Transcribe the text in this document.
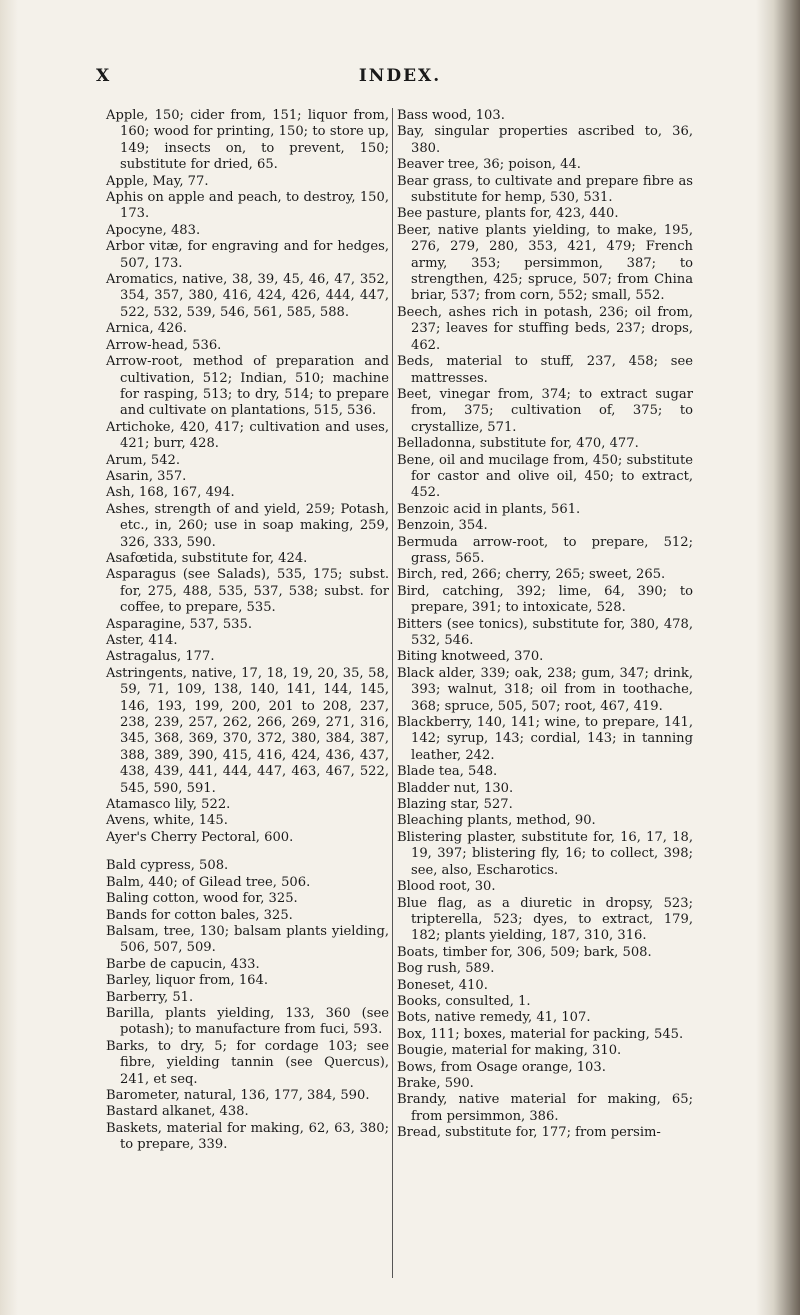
X	INDEX.
Apple, 150; cider from, 151; liquor from, 160; wood for printing, 150; to store up, 149; insects on, to prevent, 150; substitute for dried, 65.
Apple, May, 77.
Aphis on apple and peach, to destroy, 150, 173.
Apocyne, 483.
Arbor vitæ, for engraving and for hedges, 507, 173.
Aromatics, native, 38, 39, 45, 46, 47, 352, 354, 357, 380, 416, 424, 426, 444, 447, 522, 532, 539, 546, 561, 585, 588.
Arnica, 426.
Arrow-head, 536.
Arrow-root, method of preparation and cultivation, 512; Indian, 510; machine for rasping, 513; to dry, 514; to prepare and cultivate on plantations, 515, 536.
Artichoke, 420, 417; cultivation and uses, 421; burr, 428.
Arum, 542.
Asarin, 357.
Ash, 168, 167, 494.
Ashes, strength of and yield, 259; Potash, etc., in, 260; use in soap making, 259, 326, 333, 590.
Asafœtida, substitute for, 424.
Asparagus (see Salads), 535, 175; subst. for, 275, 488, 535, 537, 538; subst. for coffee, to prepare, 535.
Asparagine, 537, 535.
Aster, 414.
Astragalus, 177.
Astringents, native, 17, 18, 19, 20, 35, 58, 59, 71, 109, 138, 140, 141, 144, 145, 146, 193, 199, 200, 201 to 208, 237, 238, 239, 257, 262, 266, 269, 271, 316, 345, 368, 369, 370, 372, 380, 384, 387, 388, 389, 390, 415, 416, 424, 436, 437, 438, 439, 441, 444, 447, 463, 467, 522, 545, 590, 591.
Atamasco lily, 522.
Avens, white, 145.
Ayer's Cherry Pectoral, 600.
Bald cypress, 508.
Balm, 440; of Gilead tree, 506.
Baling cotton, wood for, 325.
Bands for cotton bales, 325.
Balsam, tree, 130; balsam plants yielding, 506, 507, 509.
Barbe de capucin, 433.
Barley, liquor from, 164.
Barberry, 51.
Barilla, plants yielding, 133, 360 (see potash); to manufacture from fuci, 593.
Barks, to dry, 5; for cordage 103; see fibre, yielding tannin (see Quercus), 241, et seq.
Barometer, natural, 136, 177, 384, 590.
Bastard alkanet, 438.
Baskets, material for making, 62, 63, 380; to prepare, 339.
Bass wood, 103.
Bay, singular properties ascribed to, 36, 380.
Beaver tree, 36; poison, 44.
Bear grass, to cultivate and prepare fibre as substitute for hemp, 530, 531.
Bee pasture, plants for, 423, 440.
Beer, native plants yielding, to make, 195, 276, 279, 280, 353, 421, 479; French army, 353; persimmon, 387; to strengthen, 425; spruce, 507; from China briar, 537; from corn, 552; small, 552.
Beech, ashes rich in potash, 236; oil from, 237; leaves for stuffing beds, 237; drops, 462.
Beds, material to stuff, 237, 458; see mattresses.
Beet, vinegar from, 374; to extract sugar from, 375; cultivation of, 375; to crystallize, 571.
Belladonna, substitute for, 470, 477.
Bene, oil and mucilage from, 450; substitute for castor and olive oil, 450; to extract, 452.
Benzoic acid in plants, 561.
Benzoin, 354.
Bermuda arrow-root, to prepare, 512; grass, 565.
Birch, red, 266; cherry, 265; sweet, 265.
Bird, catching, 392; lime, 64, 390; to prepare, 391; to intoxicate, 528.
Bitters (see tonics), substitute for, 380, 478, 532, 546.
Biting knotweed, 370.
Black alder, 339; oak, 238; gum, 347; drink, 393; walnut, 318; oil from in toothache, 368; spruce, 505, 507; root, 467, 419.
Blackberry, 140, 141; wine, to prepare, 141, 142; syrup, 143; cordial, 143; in tanning leather, 242.
Blade tea, 548.
Bladder nut, 130.
Blazing star, 527.
Bleaching plants, method, 90.
Blistering plaster, substitute for, 16, 17, 18, 19, 397; blistering fly, 16; to collect, 398; see, also, Escharotics.
Blood root, 30.
Blue flag, as a diuretic in dropsy, 523; tripterella, 523; dyes, to extract, 179, 182; plants yielding, 187, 310, 316.
Boats, timber for, 306, 509; bark, 508.
Bog rush, 589.
Boneset, 410.
Books, consulted, 1.
Bots, native remedy, 41, 107.
Box, 111; boxes, material for packing, 545.
Bougie, material for making, 310.
Bows, from Osage orange, 103.
Brake, 590.
Brandy, native material for making, 65; from persimmon, 386.
Bread, substitute for, 177; from persim-
